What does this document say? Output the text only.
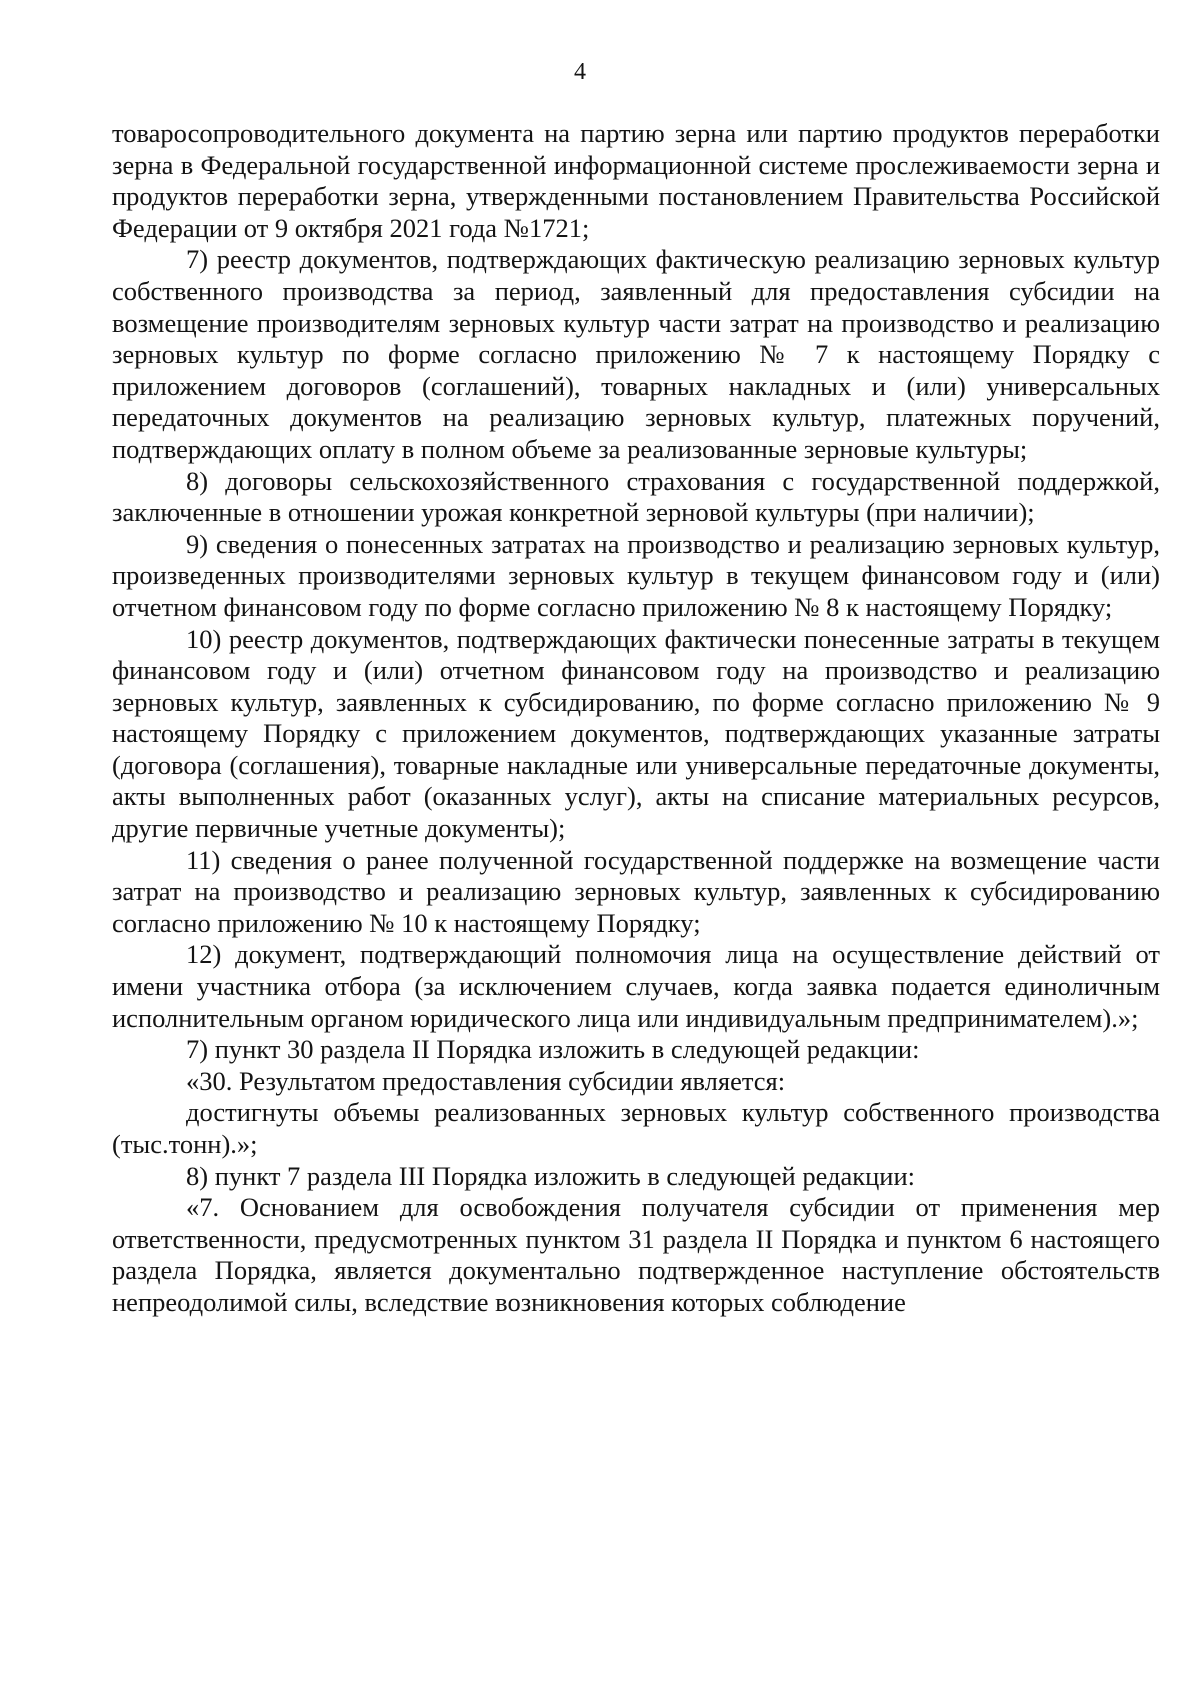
4

товаросопроводительного документа на партию зерна или партию продуктов переработки зерна в Федеральной государственной информационной системе прослеживаемости зерна и продуктов переработки зерна, утвержденными постановлением Правительства Российской Федерации от 9 октября 2021 года №1721;

7) реестр документов, подтверждающих фактическую реализацию зерновых культур собственного производства за период, заявленный для предоставления субсидии на возмещение производителям зерновых культур части затрат на производство и реализацию зерновых культур по форме согласно приложению № 7 к настоящему Порядку с приложением договоров (соглашений), товарных накладных и (или) универсальных передаточных документов на реализацию зерновых культур, платежных поручений, подтверждающих оплату в полном объеме за реализованные зерновые культуры;

8) договоры сельскохозяйственного страхования с государственной поддержкой, заключенные в отношении урожая конкретной зерновой культуры (при наличии);

9) сведения о понесенных затратах на производство и реализацию зерновых культур, произведенных производителями зерновых культур в текущем финансовом году и (или) отчетном финансовом году по форме согласно приложению № 8 к настоящему Порядку;

10) реестр документов, подтверждающих фактически понесенные затраты в текущем финансовом году и (или) отчетном финансовом году на производство и реализацию зерновых культур, заявленных к субсидированию, по форме согласно приложению № 9 настоящему Порядку с приложением документов, подтверждающих указанные затраты (договора (соглашения), товарные накладные или универсальные передаточные документы, акты выполненных работ (оказанных услуг), акты на списание материальных ресурсов, другие первичные учетные документы);

11) сведения о ранее полученной государственной поддержке на возмещение части затрат на производство и реализацию зерновых культур, заявленных к субсидированию согласно приложению № 10 к настоящему Порядку;

12) документ, подтверждающий полномочия лица на осуществление действий от имени участника отбора (за исключением случаев, когда заявка подается единоличным исполнительным органом юридического лица или индивидуальным предпринимателем).»;

7) пункт 30 раздела II Порядка изложить в следующей редакции:

«30. Результатом предоставления субсидии является:

достигнуты объемы реализованных зерновых культур собственного производства (тыс.тонн).»;

8) пункт 7 раздела III Порядка изложить в следующей редакции:

«7. Основанием для освобождения получателя субсидии от применения мер ответственности, предусмотренных пунктом 31 раздела II Порядка и пунктом 6 настоящего раздела Порядка, является документально подтвержденное наступление обстоятельств непреодолимой силы, вследствие возникновения которых соблюдение
